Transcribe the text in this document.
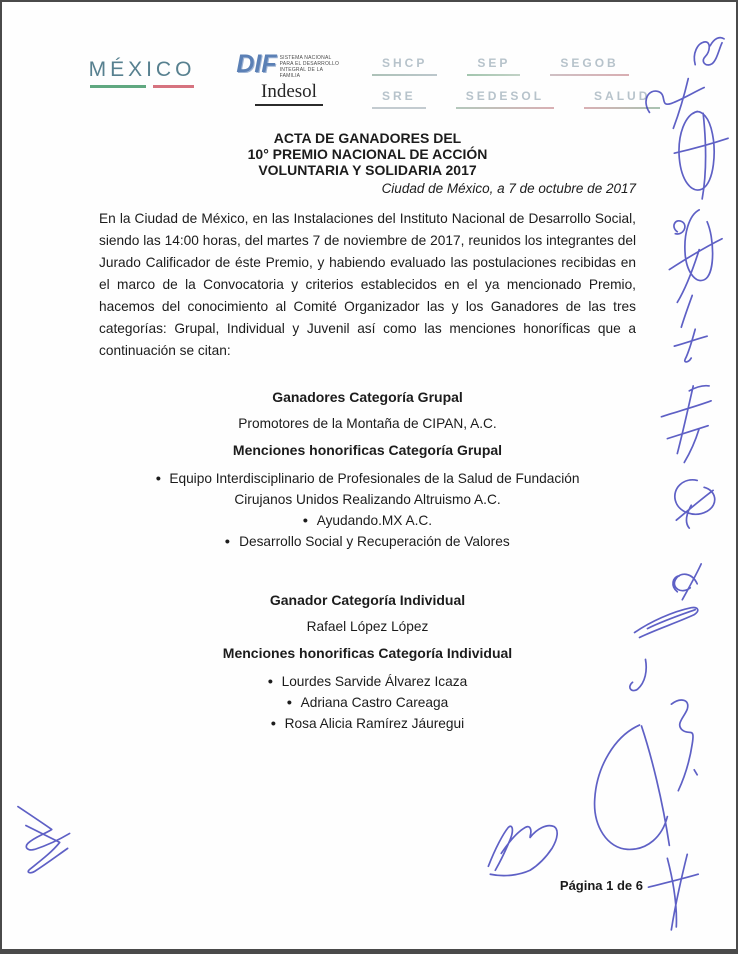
MÉXICO DIF SISTEMA NACIONAL
PARA EL DESARROLLO
INTEGRAL DE LA FAMILIA
Indesol
SHCP	SEP	SEGOB
SRE	SEDESOL	SALUD
ACTA DE GANADORES DEL
10° PREMIO NACIONAL DE ACCIÓN
VOLUNTARIA Y SOLIDARIA 2017
Ciudad de México, a 7 de octubre de 2017

En la Ciudad de México, en las Instalaciones del Instituto Nacional de Desarrollo Social, siendo las 14:00 horas, del martes 7 de noviembre de 2017, reunidos los integrantes del Jurado Calificador de éste Premio, y habiendo evaluado las postulaciones recibidas en el marco de la Convocatoria y criterios establecidos en el ya mencionado Premio, hacemos del conocimiento al Comité Organizador las y los Ganadores de las tres categorías: Grupal, Individual y Juvenil así como las menciones honoríficas que a continuación se citan:

Ganadores Categoría Grupal
Promotores de la Montaña de CIPAN, A.C.
Menciones honorificas Categoría Grupal
• Equipo Interdisciplinario de Profesionales de la Salud de Fundación Cirujanos Unidos Realizando Altruismo A.C.
• Ayudando.MX A.C.
• Desarrollo Social y Recuperación de Valores
Ganador Categoría Individual
Rafael López López
Menciones honorificas Categoría Individual
• Lourdes Sarvide Álvarez Icaza
• Adriana Castro Careaga
• Rosa Alicia Ramírez Jáuregui
Página 1 de 6
